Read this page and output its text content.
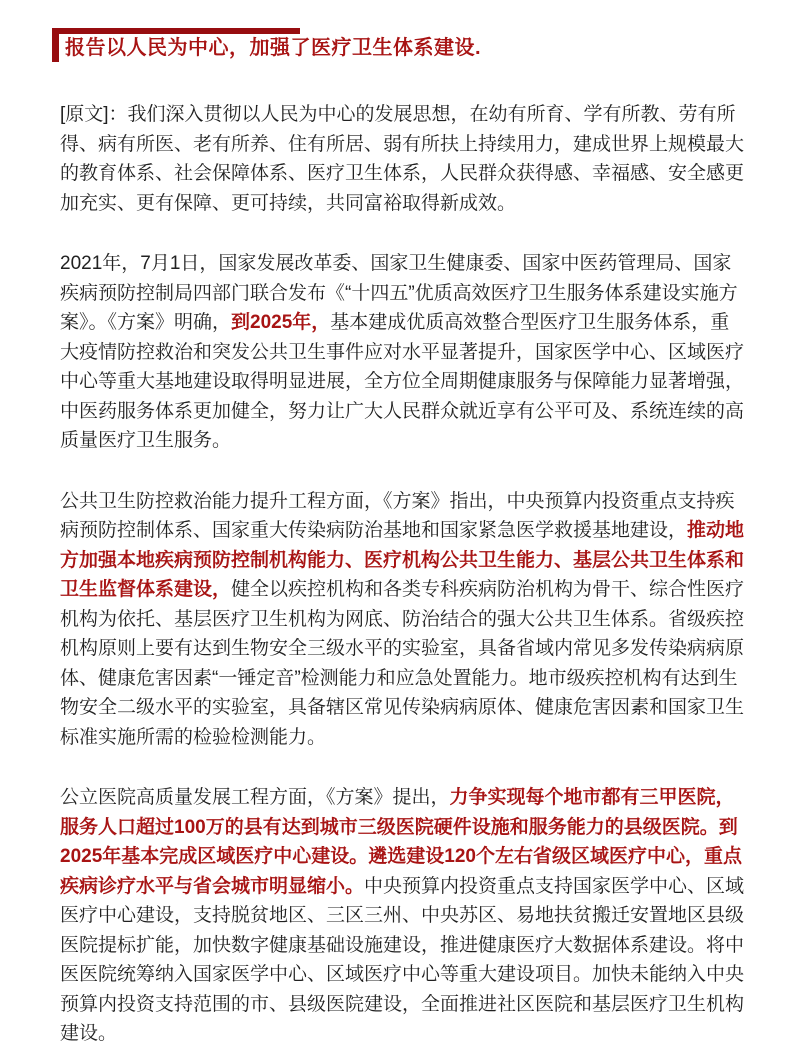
报告以人民为中心，加强了医疗卫生体系建设.

[原文]：我们深入贯彻以人民为中心的发展思想，在幼有所育、学有所教、劳有所得、病有所医、老有所养、住有所居、弱有所扶上持续用力，建成世界上规模最大的教育体系、社会保障体系、医疗卫生体系，人民群众获得感、幸福感、安全感更加充实、更有保障、更可持续，共同富裕取得新成效。

2021年，7月1日，国家发展改革委、国家卫生健康委、国家中医药管理局、国家疾病预防控制局四部门联合发布《“十四五”优质高效医疗卫生服务体系建设实施方案》。《方案》明确，到2025年，基本建成优质高效整合型医疗卫生服务体系，重大疫情防控救治和突发公共卫生事件应对水平显著提升，国家医学中心、区域医疗中心等重大基地建设取得明显进展，全方位全周期健康服务与保障能力显著增强，中医药服务体系更加健全，努力让广大人民群众就近享有公平可及、系统连续的高质量医疗卫生服务。

公共卫生防控救治能力提升工程方面，《方案》指出，中央预算内投资重点支持疾病预防控制体系、国家重大传染病防治基地和国家紧急医学救援基地建设，推动地方加强本地疾病预防控制机构能力、医疗机构公共卫生能力、基层公共卫生体系和卫生监督体系建设，健全以疾控机构和各类专科疾病防治机构为骨干、综合性医疗机构为依托、基层医疗卫生机构为网底、防治结合的强大公共卫生体系。省级疾控机构原则上要有达到生物安全三级水平的实验室，具备省域内常见多发传染病病原体、健康危害因素“一锤定音”检测能力和应急处置能力。地市级疾控机构有达到生物安全二级水平的实验室，具备辖区常见传染病病原体、健康危害因素和国家卫生标准实施所需的检验检测能力。

公立医院高质量发展工程方面，《方案》提出，力争实现每个地市都有三甲医院，服务人口超过100万的县有达到城市三级医院硬件设施和服务能力的县级医院。到2025年基本完成区域医疗中心建设。遴选建设120个左右省级区域医疗中心，重点疾病诊疗水平与省会城市明显缩小。中央预算内投资重点支持国家医学中心、区域医疗中心建设，支持脱贫地区、三区三州、中央苏区、易地扶贫搬迁安置地区县级医院提标扩能，加快数字健康基础设施建设，推进健康医疗大数据体系建设。将中医医院统筹纳入国家医学中心、区域医疗中心等重大建设项目。加快未能纳入中央预算内投资支持范围的市、县级医院建设，全面推进社区医院和基层医疗卫生机构建设。
